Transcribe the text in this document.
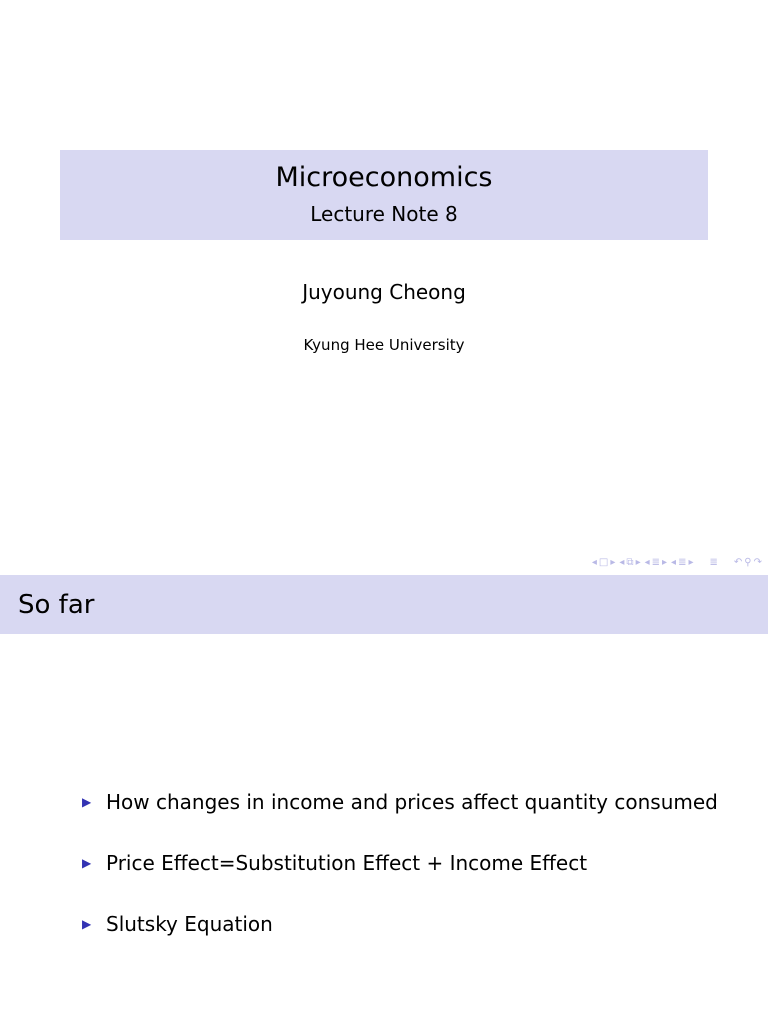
Microeconomics
Lecture Note 8
Juyoung Cheong
Kyung Hee University
◂ □ ▸ ◂ ⧉ ▸ ◂ ≣ ▸ ◂ ≣ ▸ ≣ ↶ ⚲ ↷
So far
▶ How changes in income and prices affect quantity consumed
▶ Price Effect=Substitution Effect + Income Effect
▶ Slutsky Equation
